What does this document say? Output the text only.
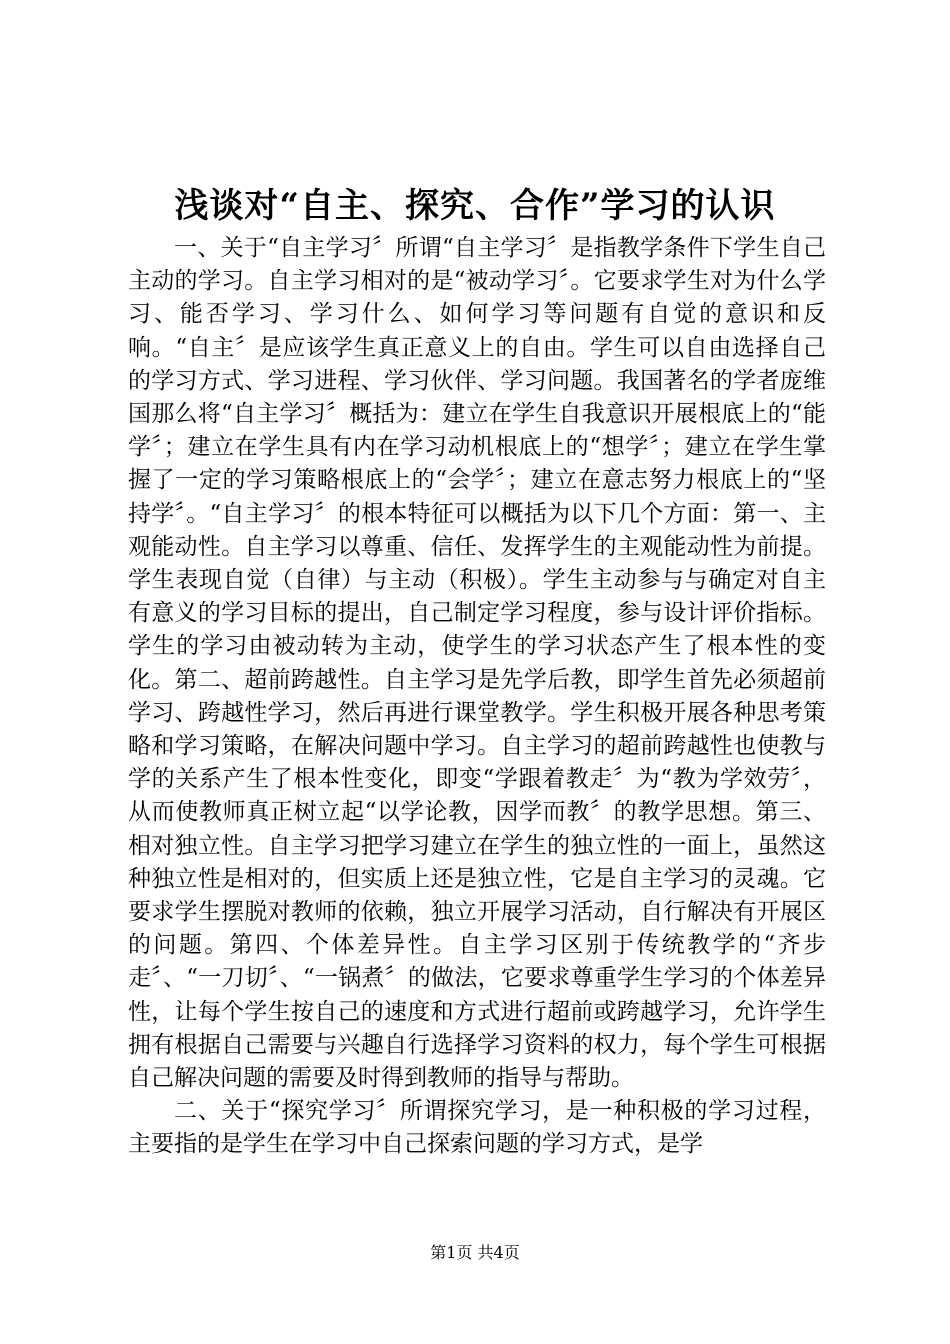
浅谈对“自主、探究、合作”学习的认识

一、关于“自主学习〞所谓“自主学习〞是指教学条件下学生自己主动的学习。自主学习相对的是“被动学习〞。它要求学生对为什么学习、能否学习、学习什么、如何学习等问题有自觉的意识和反响。“自主〞是应该学生真正意义上的自由。学生可以自由选择自己的学习方式、学习进程、学习伙伴、学习问题。我国著名的学者庞维国那么将“自主学习〞概括为：建立在学生自我意识开展根底上的“能学〞；建立在学生具有内在学习动机根底上的“想学〞；建立在学生掌握了一定的学习策略根底上的“会学〞；建立在意志努力根底上的“坚持学〞。“自主学习〞的根本特征可以概括为以下几个方面：第一、主观能动性。自主学习以尊重、信任、发挥学生的主观能动性为前提。学生表现自觉（自律）与主动（积极）。学生主动参与与确定对自主有意义的学习目标的提出，自己制定学习程度，参与设计评价指标。学生的学习由被动转为主动，使学生的学习状态产生了根本性的变化。第二、超前跨越性。自主学习是先学后教，即学生首先必须超前学习、跨越性学习，然后再进行课堂教学。学生积极开展各种思考策略和学习策略，在解决问题中学习。自主学习的超前跨越性也使教与学的关系产生了根本性变化，即变“学跟着教走〞为“教为学效劳〞，从而使教师真正树立起“以学论教，因学而教〞的教学思想。第三、相对独立性。自主学习把学习建立在学生的独立性的一面上，虽然这种独立性是相对的，但实质上还是独立性，它是自主学习的灵魂。它要求学生摆脱对教师的依赖，独立开展学习活动，自行解决有开展区的问题。第四、个体差异性。自主学习区别于传统教学的“齐步走〞、“一刀切〞、“一锅煮〞的做法，它要求尊重学生学习的个体差异性，让每个学生按自己的速度和方式进行超前或跨越学习，允许学生拥有根据自己需要与兴趣自行选择学习资料的权力，每个学生可根据自己解决问题的需要及时得到教师的指导与帮助。

二、关于“探究学习〞所谓探究学习，是一种积极的学习过程，主要指的是学生在学习中自己探索问题的学习方式，是学

第1页 共4页
